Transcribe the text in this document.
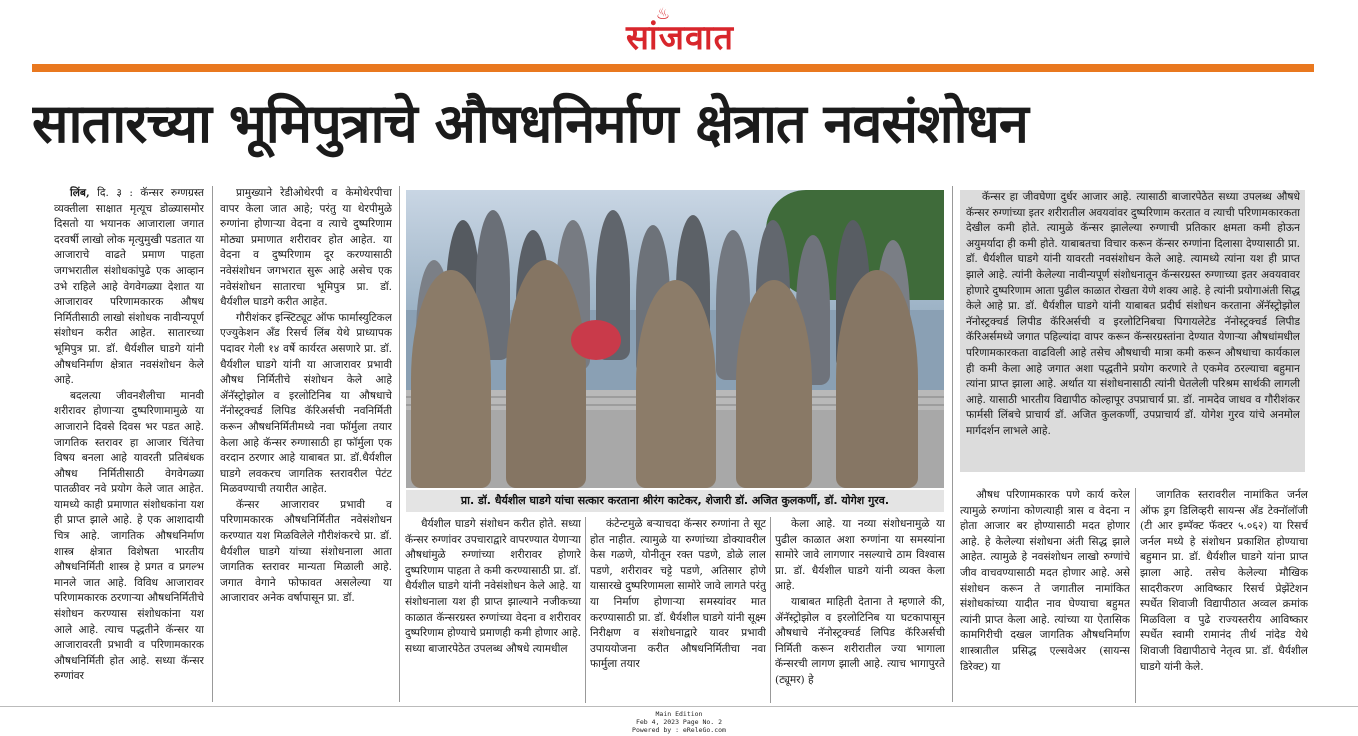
♨
सांजवात
सातारच्या भूमिपुत्राचे औषधनिर्माण क्षेत्रात नवसंशोधन

लिंब, दि. ३ : कॅन्सर रुग्णग्रस्त व्यक्तीला साक्षात मृत्यूच डोळ्यासमोर दिसतो या भयानक आजाराला जगात दरवर्षी लाखो लोक मृत्युमुखी पडतात या आजाराचे वाढते प्रमाण पाहता जगभरातील संशोधकांपुढे एक आव्हान उभे राहिले आहे वेगवेगळ्या देशात या आजारावर परिणामकारक औषध निर्मितीसाठी लाखो संशोधक नावीन्यपूर्ण संशोधन करीत आहेत. सातारच्या भूमिपुत्र प्रा. डॉ. धैर्यशील घाडगे यांनी औषधनिर्माण क्षेत्रात नवसंशोधन केले आहे.

बदलत्या जीवनशैलीचा मानवी शरीरावर होणाऱ्या दुष्परिणामामुळे या आजाराने दिवसे दिवस भर पडत आहे. जागतिक स्तरावर हा आजार चिंतेचा विषय बनला आहे यावरती प्रतिबंधक औषध निर्मितीसाठी वेगवेगळ्या पातळीवर नवे प्रयोग केले जात आहेत. यामध्ये काही प्रमाणात संशोधकांना यश ही प्राप्त झाले आहे. हे एक आशादायी चित्र आहे. जागतिक औषधनिर्माण शास्त्र क्षेत्रात विशेषता भारतीय औषधनिर्मिती शास्त्र हे प्रगत व प्रगल्भ मानले जात आहे. विविध आजारावर परिणामकारक ठरणाऱ्या औषधनिर्मितीचे संशोधन करण्यास संशोधकांना यश आले आहे. त्याच पद्धतीने कॅन्सर या आजारावरती प्रभावी व परिणामकारक औषधनिर्मिती होत आहे. सध्या कॅन्सर रुग्णांवर

प्रामुख्याने रेडीओथेरपी व केमोथेरपीचा वापर केला जात आहे; परंतु या थेरपीमुळे रुग्णांना होणाऱ्या वेदना व त्याचे दुष्परिणाम मोठ्या प्रमाणात शरीरावर होत आहेत. या वेदना व दुष्परिणाम दूर करण्यासाठी नवेसंशोधन जगभरात सुरू आहे असेच एक नवेसंशोधन सातारचा भूमिपुत्र प्रा. डॉ. धैर्यशील घाडगे करीत आहेत.

गौरीशंकर इन्स्टिट्यूट ऑफ फार्मास्युटिकल एज्युकेशन अँड रिसर्च लिंब येथे प्राध्यापक पदावर गेली १४ वर्षे कार्यरत असणारे प्रा. डॉ. धैर्यशील घाडगे यांनी या आजारावर प्रभावी औषध निर्मितीचे संशोधन केले आहे ॲनॅस्ट्रोझोल व इरलोटिनिब या औषधाचे नॅनोस्ट्रक्चर्ड लिपिड कॅरिअर्सची नवनिर्मिती करून औषधनिर्मितीमध्ये नवा फॉर्मुला तयार केला आहे कॅन्सर रुग्णासाठी हा फॉर्मुला एक वरदान ठरणार आहे याबाबत प्रा. डॉ.धैर्यशील घाडगे लवकरच जागतिक स्तरावरील पेटंट मिळवण्याची तयारीत आहेत.

कॅन्सर आजारावर प्रभावी व परिणामकारक औषधनिर्मितीत नवेसंशोधन करण्यात यश मिळविलेले गौरीशंकरचे प्रा. डॉ. धैर्यशील घाडगे यांच्या संशोधनाला आता जागतिक स्तरावर मान्यता मिळाली आहे. जगात वेगाने फोफावत असलेल्या या आजारावर अनेक वर्षापासून प्रा. डॉ.

प्रा. डॉ. धैर्यशील घाडगे यांचा सत्कार करताना श्रीरंग काटेकर, शेजारी डॉ. अजित कुलकर्णी, डॉ. योगेश गुरव.

धैर्यशील घाडगे संशोधन करीत होते. सध्या कॅन्सर रुग्णांवर उपचाराद्वारे वापरण्यात येणाऱ्या औषधांमुळे रुग्णांच्या शरीरावर होणारे दुष्परिणाम पाहता ते कमी करण्यासाठी प्रा. डॉ. धैर्यशील घाडगे यांनी नवेसंशोधन केले आहे. या संशोधनाला यश ही प्राप्त झाल्याने नजीकच्या काळात कॅन्सरग्रस्त रुग्णांच्या वेदना व शरीरावर दुष्परिणाम होण्याचे प्रमाणही कमी होणार आहे. सध्या बाजारपेठेत उपलब्ध औषधे त्यामधील

कंटेन्टमुळे बऱ्याचदा कॅन्सर रुग्णांना ते सूट होत नाहीत. त्यामुळे या रुग्णांच्या डोक्यावरील केस गळणे, योनीतून रक्त पडणे, डोळे लाल पडणे, शरीरावर चट्टे पडणे, अतिसार होणे यासारखे दुष्परिणामला सामोरे जावे लागते परंतु या निर्माण होणाऱ्या समस्यांवर मात करण्यासाठी प्रा. डॉ. धैर्यशील घाडगे यांनी सूक्ष्म निरीक्षण व संशोधनाद्वारे यावर प्रभावी उपाययोजना करीत औषधनिर्मितीचा नवा फार्मुला तयार

केला आहे. या नव्या संशोधनामुळे या पुढील काळात अशा रुग्णांना या समस्यांना सामोरे जावे लागणार नसल्याचे ठाम विश्वास प्रा. डॉ. धैर्यशील घाडगे यांनी व्यक्त केला आहे.

याबाबत माहिती देताना ते म्हणाले की, ॲनॅस्ट्रोझोल व इरलोटिनिब या घटकापासून औषधाचे नॅनोस्ट्रक्चर्ड लिपिड कॅरिअर्सची निर्मिती करून शरीरातील ज्या भागाला कॅन्सरची लागण झाली आहे. त्याच भागापुरते (ट्यूमर) हे

कॅन्सर हा जीवघेणा दुर्धर आजार आहे. त्यासाठी बाजारपेठेत सध्या उपलब्ध औषधे कॅन्सर रुग्णांच्या इतर शरीरातील अवयवांवर दुष्परिणाम करतात व त्याची परिणामकारकता देखील कमी होते. त्यामुळे कॅन्सर झालेल्या रुग्णाची प्रतिकार क्षमता कमी होऊन अयुमर्यादा ही कमी होते. याबाबतचा विचार करून कॅन्सर रुग्णांना दिलासा देण्यासाठी प्रा. डॉ. धैर्यशील घाडगे यांनी यावरती नवसंशोधन केले आहे. त्यामध्ये त्यांना यश ही प्राप्त झाले आहे. त्यांनी केलेल्या नावीन्यपूर्ण संशोधनातून कॅन्सरग्रस्त रुग्णाच्या इतर अवयवावर होणारे दुष्परिणाम आता पुढील काळात रोखता येणे शक्य आहे. हे त्यांनी प्रयोगाअंती सिद्ध केले आहे प्रा. डॉ. धैर्यशील घाडगे यांनी याबाबत प्रदीर्घ संशोधन करताना ॲनॅस्ट्रोझोल नॅनोस्ट्रक्चर्ड लिपीड कॅरिअर्सची व इरलोटिनिबचा पिगायलेटेड नॅनोस्ट्रक्चर्ड लिपीड कॅरिअर्समध्ये जगात पहिल्यांदा वापर करून कॅन्सरग्रस्तांना देण्यात येणाऱ्या औषधांमधील परिणामकारकता वाढविली आहे तसेच औषधाची मात्रा कमी करून औषधाचा कार्यकाल ही कमी केला आहे जगात अशा पद्धतीने प्रयोग करणारे ते एकमेव ठरल्याचा बहुमान त्यांना प्राप्त झाला आहे. अर्थात या संशोधनासाठी त्यांनी घेतलेली परिश्रम सार्थकी लागली आहे. यासाठी भारतीय विद्यापीठ कोल्हापूर उपप्राचार्य प्रा. डॉ. नामदेव जाधव व गौरीशंकर फार्मसी लिंबचे प्राचार्य डॉ. अजित कुलकर्णी, उपप्राचार्य डॉ. योगेश गुरव यांचे अनमोल मार्गदर्शन लाभले आहे.

औषध परिणामकारक पणे कार्य करेल त्यामुळे रुग्णांना कोणत्याही त्रास व वेदना न होता आजार बर होण्यासाठी मदत होणार आहे. हे केलेल्या संशोधना अंती सिद्ध झाले आहेत. त्यामुळे हे नवसंशोधन लाखो रुग्णांचे जीव वाचवण्यासाठी मदत होणार आहे. असे संशोधन करून ते जगातील नामांकित संशोधकांच्या यादीत नाव घेण्याचा बहुमत त्यांनी प्राप्त केला आहे. त्यांच्या या ऐतासिक कामगिरीची दखल जागतिक औषधनिर्माण शास्त्रातील प्रसिद्ध एल्सवेअर (सायन्स डिरेक्ट) या

जागतिक स्तरावरील नामांकित जर्नल ऑफ ड्रग डिलिव्हरी सायन्स अँड टेक्नॉलॉजी (टी आर इम्पॅक्ट फॅक्टर ५.०६२) या रिसर्च जर्नल मध्ये हे संशोधन प्रकाशित होण्याचा बहुमान प्रा. डॉ. धैर्यशील घाडगे यांना प्राप्त झाला आहे. तसेच केलेल्या मौखिक सादरीकरण आविष्कार रिसर्च प्रेझेंटेशन स्पर्धेत शिवाजी विद्यापीठात अव्वल क्रमांक मिळविला व पुढे राज्यस्तरीय आविष्कार स्पर्धेत स्वामी रामानंद तीर्थ नांदेड येथे शिवाजी विद्यापीठाचे नेतृत्व प्रा. डॉ. धैर्यशील घाडगे यांनी केले.

Main Edition
Feb 4, 2023 Page No. 2
Powered by : eReleGo.com
